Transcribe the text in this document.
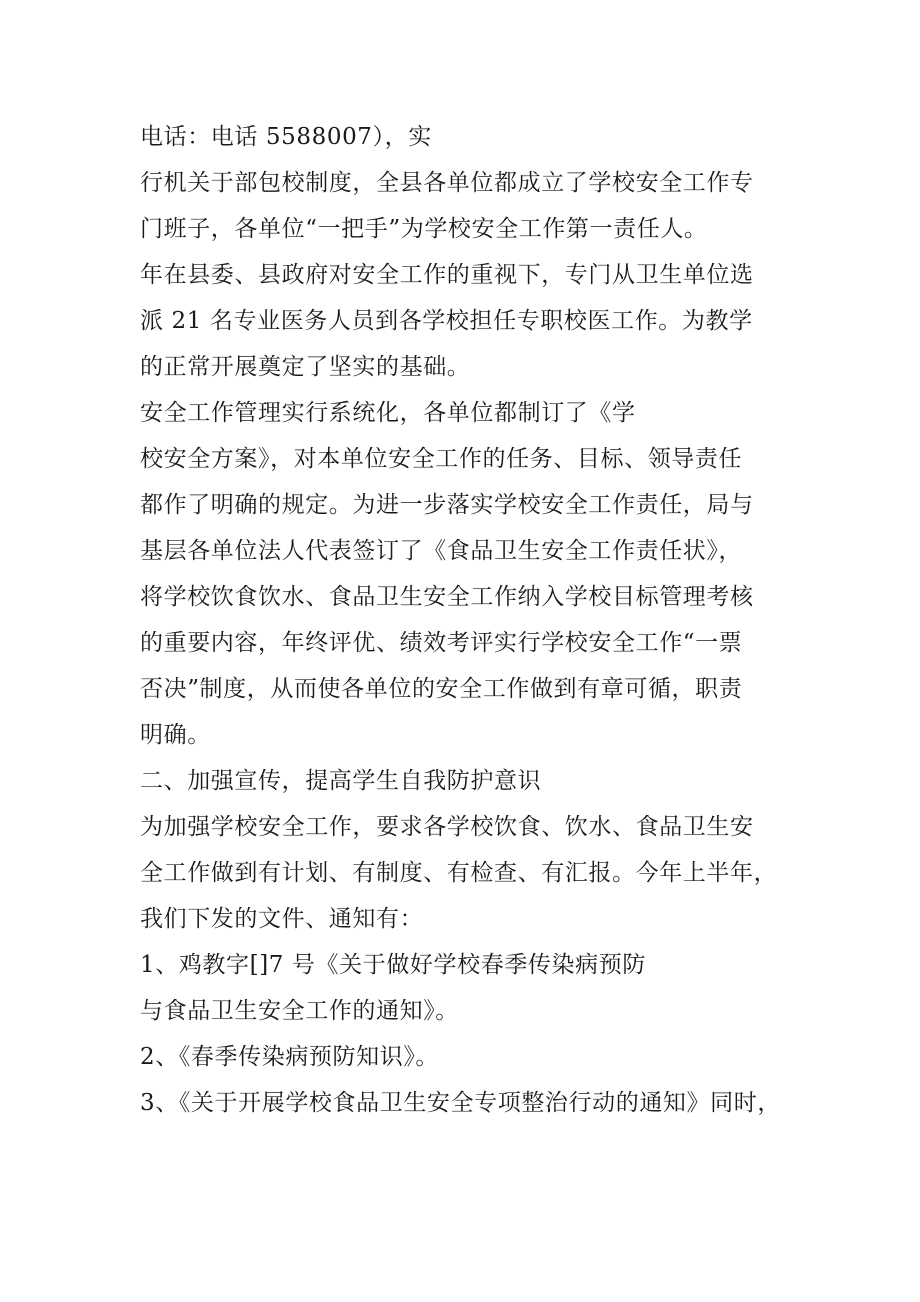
电话：电话 5588007），实
行机关于部包校制度，全县各单位都成立了学校安全工作专
门班子，各单位“一把手”为学校安全工作第一责任人。
年在县委、县政府对安全工作的重视下，专门从卫生单位选
派 21 名专业医务人员到各学校担任专职校医工作。为教学
的正常开展奠定了坚实的基础。
安全工作管理实行系统化，各单位都制订了《学
校安全方案》，对本单位安全工作的任务、目标、领导责任
都作了明确的规定。为进一步落实学校安全工作责任，局与
基层各单位法人代表签订了《食品卫生安全工作责任状》，
将学校饮食饮水、食品卫生安全工作纳入学校目标管理考核
的重要内容，年终评优、绩效考评实行学校安全工作“一票
否决”制度，从而使各单位的安全工作做到有章可循，职责
明确。
二、加强宣传，提高学生自我防护意识
为加强学校安全工作，要求各学校饮食、饮水、食品卫生安
全工作做到有计划、有制度、有检查、有汇报。今年上半年，
我们下发的文件、通知有：
1、鸡教字[]7 号《关于做好学校春季传染病预防
与食品卫生安全工作的通知》。
2、《春季传染病预防知识》。
3、《关于开展学校食品卫生安全专项整治行动的通知》同时，
